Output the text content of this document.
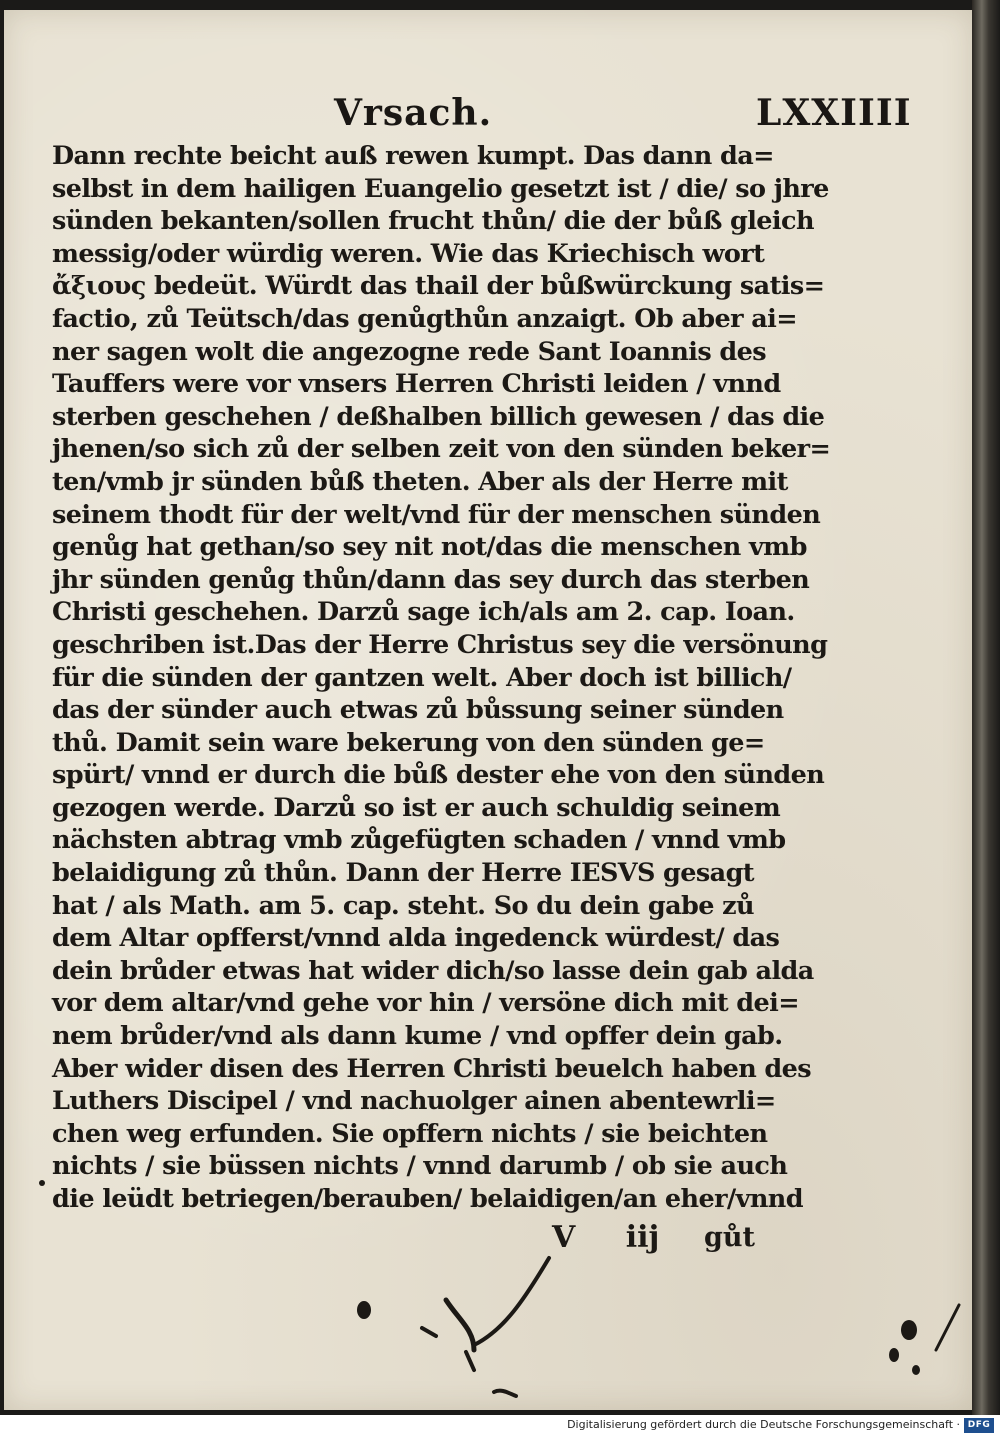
Vrsach.	LXXIIII
Dann rechte beicht auß rewen kumpt. Das dann da=
selbst in dem hailigen Euangelio gesetzt ist / die/ so jhre
sünden bekanten/sollen frucht thůn/ die der bůß gleich
messig/oder würdig weren. Wie das Kriechisch wort
ἄξιους bedeüt. Würdt das thail der bůßwürckung satis=
factio, zů Teütsch/das genůgthůn anzaigt. Ob aber ai=
ner sagen wolt die angezogne rede Sant Ioannis des
Tauffers were vor vnsers Herren Christi leiden / vnnd
sterben geschehen / deßhalben billich gewesen / das die
jhenen/so sich zů der selben zeit von den sünden beker=
ten/vmb jr sünden bůß theten. Aber als der Herre mit
seinem thodt für der welt/vnd für der menschen sünden
genůg hat gethan/so sey nit not/das die menschen vmb
jhr sünden genůg thůn/dann das sey durch das sterben
Christi geschehen. Darzů sage ich/als am 2. cap. Ioan.
geschriben ist.Das der Herre Christus sey die versönung
für die sünden der gantzen welt. Aber doch ist billich/
das der sünder auch etwas zů bůssung seiner sünden
thů. Damit sein ware bekerung von den sünden ge=
spürt/ vnnd er durch die bůß dester ehe von den sünden
gezogen werde. Darzů so ist er auch schuldig seinem
nächsten abtrag vmb zůgefügten schaden / vnnd vmb
belaidigung zů thůn. Dann der Herre IESVS gesagt
hat / als Math. am 5. cap. steht. So du dein gabe zů
dem Altar opfferst/vnnd alda ingedenck würdest/ das
dein brůder etwas hat wider dich/so lasse dein gab alda
vor dem altar/vnd gehe vor hin / versöne dich mit dei=
nem brůder/vnd als dann kume / vnd opffer dein gab.
Aber wider disen des Herren Christi beuelch haben des
Luthers Discipel / vnd nachuolger ainen abentewrli=
chen weg erfunden. Sie opffern nichts / sie beichten
nichts / sie büssen nichts / vnnd darumb / ob sie auch
die leüdt betriegen/berauben/ belaidigen/an eher/vnnd
V iij gůt
Digitalisierung gefördert durch die Deutsche Forschungsgemeinschaft · DFG
